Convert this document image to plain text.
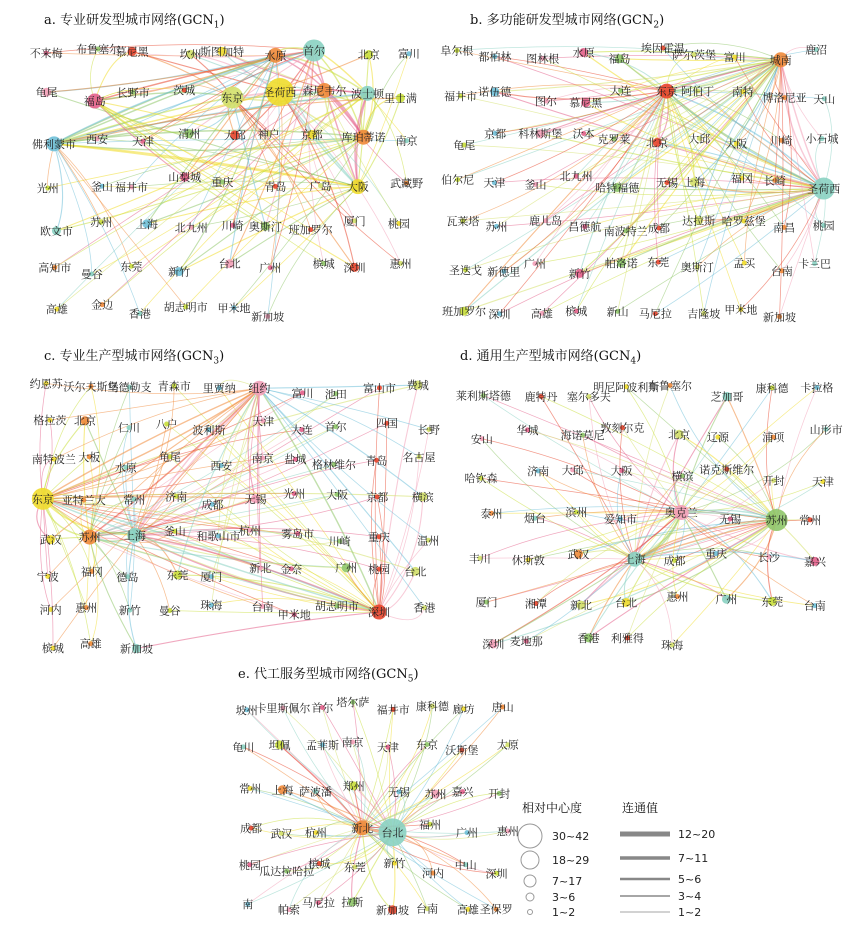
a. 专业研发型城市网络$(GCN_1)$	b. 多功能研发型城市网络$(GCN_2)$
c. 专业生产型城市网络$(GCN_3)$	d. 通用生产型城市网络$(GCN_4)$
e. 代工服务型城市网络$(GCN_5)$
不来梅 布鲁塞尔
慕尼黑	坎州
斯图加特 水原 首尔	北京 富川
龟尾
福岛
长野市 茨城
东京 圣荷西 森尼韦尔 波士顿 里士满
佛利蒙市 西安 天津
清州 大邱 神户 京都 库珀蒂诺 南京
光州	釜山 福井市
山梨城 重庆	青岛 广岛 大阪 武藏野
欧文市
苏州 上海 北九州 川崎 奥斯汀 班加罗尔
厦门 桃园
高知市
曼谷
东莞 新竹
台北 广州	槟城 深圳 惠州
高雄 金边
香港
胡志明市 甲米地
新加坡
阜尔根 都柏林 图林根 水原 福岛
埃因霍温
萨尔茨堡 富川 城南
鹿沼
福井市 诺伍德
图尔 慕尼黑
大连 东京 阿伯丁 南特 博洛尼亚 天山
龟尾
京都 科林斯堡 沃本 克罗莱 北京 大邱 大阪 川崎 小石城
伯尔尼 天津 釜山
北九州
哈特福德 无锡 上海 福冈 长崎
圣荷西
瓦莱塔 苏州 鹿儿岛 昌德航 南波特兰 成都
达拉斯 哈罗兹堡 南昌 桃园
圣迭戈 新德里
广州
新竹
帕洛诺 东莞 奥斯汀 孟买
台南
卡兰巴
班加罗尔 深圳 高雄 槟城 新山 马尼拉 吉隆坡 甲米地
新加坡
约恩苏 沃尔夫斯堡
乌德勒支 青森市 里贾纳 纽约 富川 池田 富山市 费城
格拉茨 北京
仁川 八户 波利斯
天津
大连 首尔	四国 长野
南特波兰 大板
水原
龟尾
西安
南京 盐城 格林维尔 青岛 名古屋
东京 亚特兰大 常州 济南
成都 无锡 光州 大阪 京都 横滨
武汉 苏州 上海 釜山 和歌山市
杭州 雾岛市
川崎 重庆 温州
宁波 福冈 德岛	东莞 厦门
新北 金奈	广州 桃园 台北
河内 惠州 新竹 曼谷 珠海	台南
甲米地
胡志明市 深圳 香港
槟城 高雄 新加坡
莱利斯塔德 鹿特丹 塞尔多夫
明尼阿波利斯
布鲁塞尔
芝加哥
康科德 卡拉格
安山
华城 海诺莫尼
敦刻尔克
北京 辽源	浦项
山形市
哈钦森
济南 大邱 大阪	横滨
诺克斯维尔
开封 天津
泰州 烟台 滨州
爱知市	奥克兰 无锡 苏州 常州
丰川 休斯敦 武汉	上海 成都
重庆	长沙 嘉兴
厦门 湘潭 新北 台北	惠州 广州 东莞 台南
深圳 麦地那	香港 利雅得
珠海
坡州
卡里斯佩尔 首尔 塔尔萨
福井市 康科德 廊坊 唐山
龟川 坦佩 孟菲斯 南京 天津 东京 沃斯堡 太原
常州 上海 萨波潘 郑州 无锡 苏州 嘉兴 开封
成都 武汉 杭州 新北 台北
福州
广州 惠州
桃园
瓜达拉哈拉
槟城 东莞 新竹
河内
中山
深圳
南 帕索
马尼拉 拉斯
新加坡 台南 高雄 圣保罗
相对中心度	连通值
30~42
18~29
7~17
3~6
1~2
12~20
7~11
5~6
3~4
1~2
